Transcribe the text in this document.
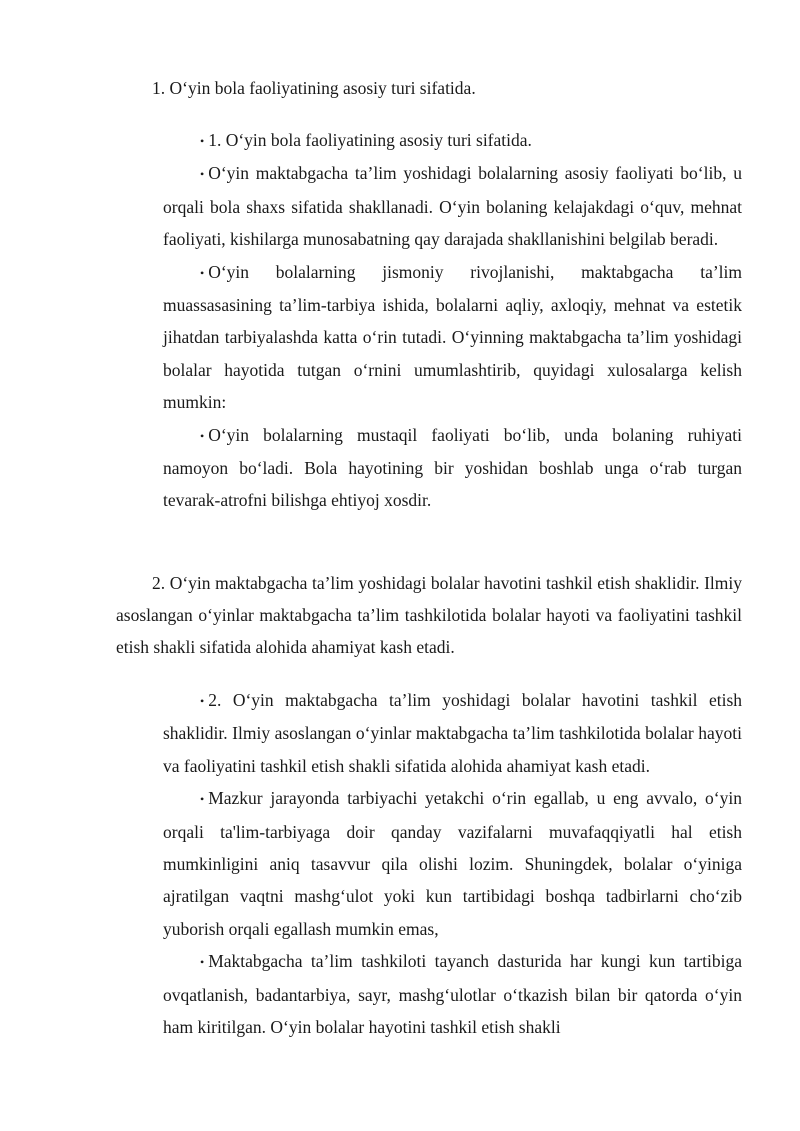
1. O‘yin bola faoliyatining asosiy turi sifatida.

• 1. O‘yin bola faoliyatining asosiy turi sifatida.

• O‘yin maktabgacha ta’lim yoshidagi bolalarning asosiy faoliyati bo‘lib, u orqali bola shaxs sifatida shakllanadi. O‘yin bolaning kelajakdagi o‘quv, mehnat faoliyati, kishilarga munosabatning qay darajada shakllanishini belgilab beradi.

• O‘yin bolalarning jismoniy rivojlanishi, maktabgacha ta’lim muassasasining ta’lim-tarbiya ishida, bolalarni aqliy, axloqiy, mehnat va estetik jihatdan tarbiyalashda katta o‘rin tutadi. O‘yinning maktabgacha ta’lim yoshidagi bolalar hayotida tutgan o‘rnini umumlashtirib, quyidagi xulosalarga kelish mumkin:

• O‘yin bolalarning mustaqil faoliyati bo‘lib, unda bolaning ruhiyati namoyon bo‘ladi. Bola hayotining bir yoshidan boshlab unga o‘rab turgan tevarak-atrofni bilishga ehtiyoj xosdir.

2. O‘yin maktabgacha ta’lim yoshidagi bolalar havotini tashkil etish shaklidir. Ilmiy asoslangan o‘yinlar maktabgacha ta’lim tashkilotida bolalar hayoti va faoliyatini tashkil etish shakli sifatida alohida ahamiyat kash etadi.

• 2. O‘yin maktabgacha ta’lim yoshidagi bolalar havotini tashkil etish shaklidir. Ilmiy asoslangan o‘yinlar maktabgacha ta’lim tashkilotida bolalar hayoti va faoliyatini tashkil etish shakli sifatida alohida ahamiyat kash etadi.

• Mazkur jarayonda tarbiyachi yetakchi o‘rin egallab, u eng avvalo, o‘yin orqali ta'lim-tarbiyaga doir qanday vazifalarni muvafaqqiyatli hal etish mumkinligini aniq tasavvur qila olishi lozim. Shuningdek, bolalar o‘yiniga ajratilgan vaqtni mashg‘ulot yoki kun tartibidagi boshqa tadbirlarni cho‘zib yuborish orqali egallash mumkin emas,

• Maktabgacha ta’lim tashkiloti tayanch dasturida har kungi kun tartibiga ovqatlanish, badantarbiya, sayr, mashg‘ulotlar o‘tkazish bilan bir qatorda o‘yin ham kiritilgan. O‘yin bolalar hayotini tashkil etish shakli
